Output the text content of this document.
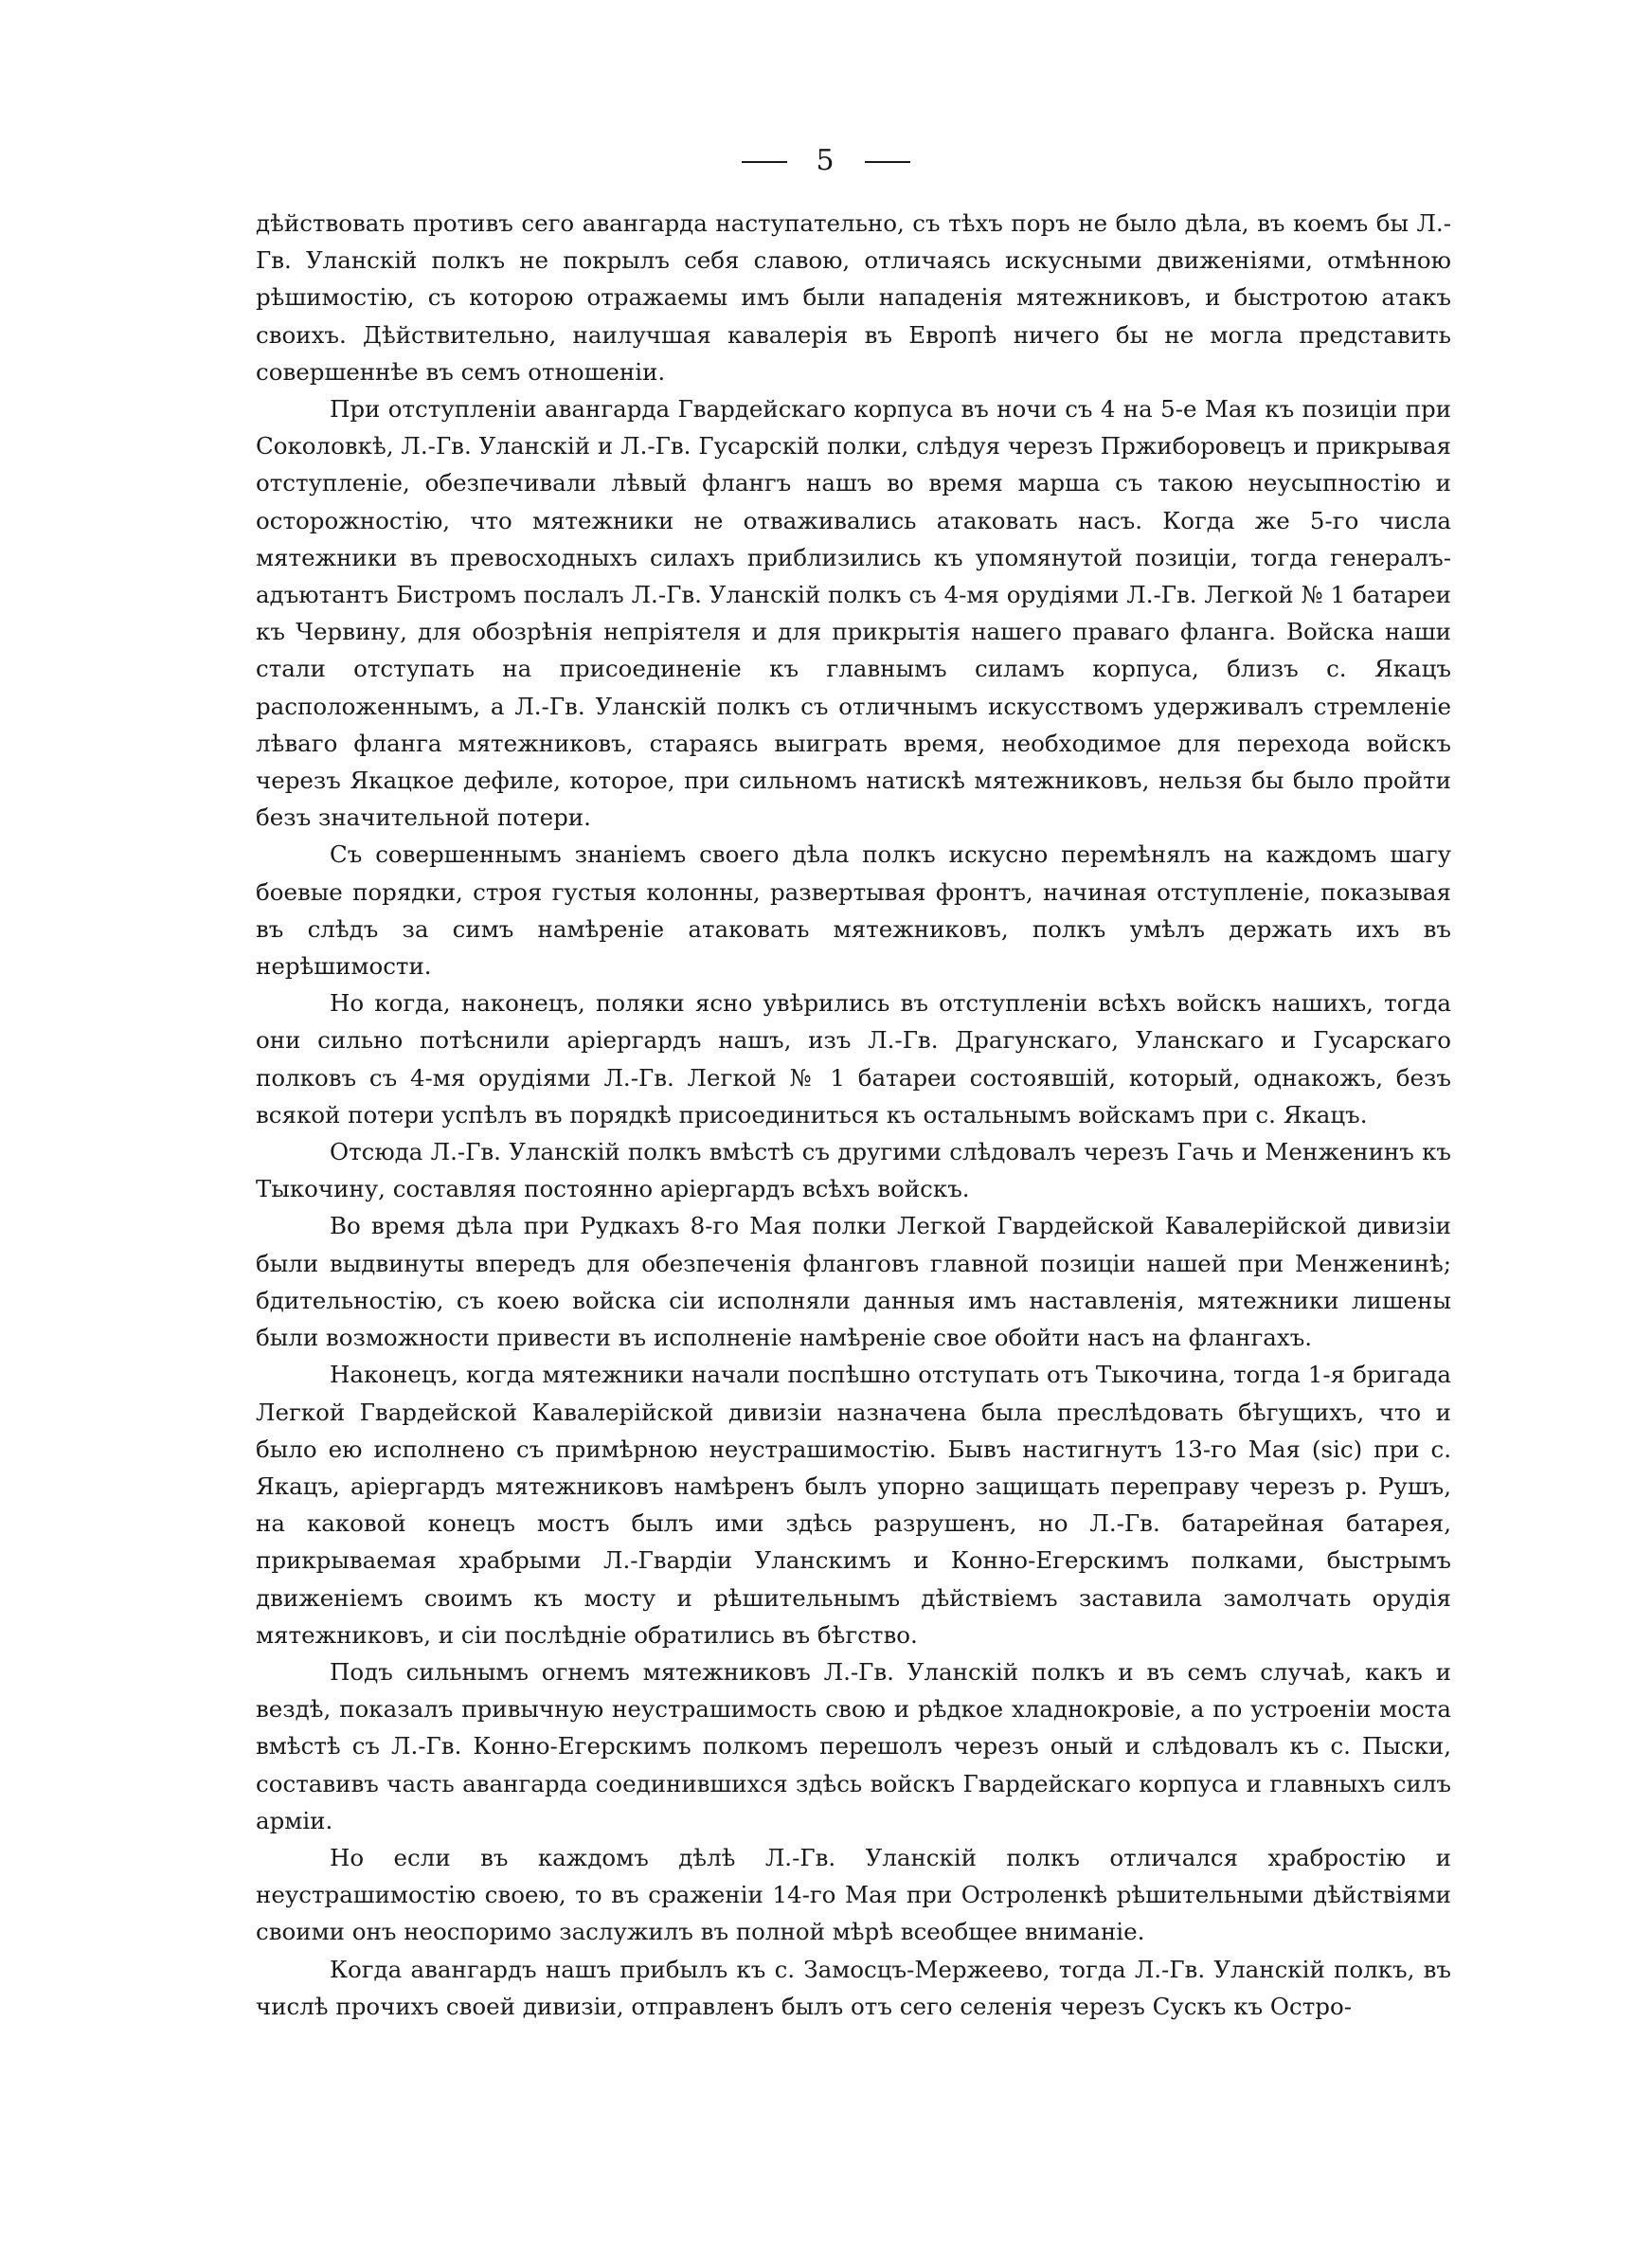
5

дѣйствовать противъ сего авангарда наступательно, съ тѣхъ поръ не было дѣла, въ коемъ бы Л.-Гв. Уланскій полкъ не покрылъ себя славою, отличаясь искусными движеніями, отмѣнною рѣшимостію, съ которою отражаемы имъ были нападенія мятежниковъ, и быстротою атакъ своихъ. Дѣйствительно, наилучшая кавалерія въ Европѣ ничего бы не могла представить совершеннѣе въ семъ отношеніи.

При отступленіи авангарда Гвардейскаго корпуса въ ночи съ 4 на 5-е Мая къ позиціи при Соколовкѣ, Л.-Гв. Уланскій и Л.-Гв. Гусарскій полки, слѣдуя черезъ Пржиборовецъ и прикрывая отступленіе, обезпечивали лѣвый флангъ нашъ во время марша съ такою неусыпностію и осторожностію, что мятежники не отваживались атаковать насъ. Когда же 5-го числа мятежники въ превосходныхъ силахъ приблизились къ упомянутой позиціи, тогда генералъ-адъютантъ Бистромъ послалъ Л.-Гв. Уланскій полкъ съ 4-мя орудіями Л.-Гв. Легкой № 1 батареи къ Червину, для обозрѣнія непріятеля и для прикрытія нашего праваго фланга. Войска наши стали отступать на присоединеніе къ главнымъ силамъ корпуса, близъ с. Якацъ расположеннымъ, а Л.-Гв. Уланскій полкъ съ отличнымъ искусствомъ удерживалъ стремленіе лѣваго фланга мятежниковъ, стараясь выиграть время, необходимое для перехода войскъ черезъ Якацкое дефиле, которое, при сильномъ натискѣ мятежниковъ, нельзя бы было пройти безъ значительной потери.

Съ совершеннымъ знаніемъ своего дѣла полкъ искусно перемѣнялъ на каждомъ шагу боевые порядки, строя густыя колонны, развертывая фронтъ, начиная отступленіе, показывая въ слѣдъ за симъ намѣреніе атаковать мятежниковъ, полкъ умѣлъ держать ихъ въ нерѣшимости.

Но когда, наконецъ, поляки ясно увѣрились въ отступленіи всѣхъ войскъ нашихъ, тогда они сильно потѣснили аріергардъ нашъ, изъ Л.-Гв. Драгунскаго, Уланскаго и Гусарскаго полковъ съ 4-мя орудіями Л.-Гв. Легкой № 1 батареи состоявшій, который, однакожъ, безъ всякой потери успѣлъ въ порядкѣ присоединиться къ остальнымъ войскамъ при с. Якацъ.

Отсюда Л.-Гв. Уланскій полкъ вмѣстѣ съ другими слѣдовалъ черезъ Гачь и Менженинъ къ Тыкочину, составляя постоянно аріергардъ всѣхъ войскъ.

Во время дѣла при Рудкахъ 8-го Мая полки Легкой Гвардейской Кавалерійской дивизіи были выдвинуты впередъ для обезпеченія фланговъ главной позиціи нашей при Менженинѣ; бдительностію, съ коею войска сіи исполняли данныя имъ наставленія, мятежники лишены были возможности привести въ исполненіе намѣреніе свое обойти насъ на флангахъ.

Наконецъ, когда мятежники начали поспѣшно отступать отъ Тыкочина, тогда 1-я бригада Легкой Гвардейской Кавалерійской дивизіи назначена была преслѣдовать бѣгущихъ, что и было ею исполнено съ примѣрною неустрашимостію. Бывъ настигнутъ 13-го Мая (sic) при с. Якацъ, аріергардъ мятежниковъ намѣренъ былъ упорно защищать переправу черезъ р. Рушъ, на каковой конецъ мостъ былъ ими здѣсь разрушенъ, но Л.-Гв. батарейная батарея, прикрываемая храбрыми Л.-Гвардіи Уланскимъ и Конно-Егерскимъ полками, быстрымъ движеніемъ своимъ къ мосту и рѣшительнымъ дѣйствіемъ заставила замолчать орудія мятежниковъ, и сіи послѣдніе обратились въ бѣгство.

Подъ сильнымъ огнемъ мятежниковъ Л.-Гв. Уланскій полкъ и въ семъ случаѣ, какъ и вездѣ, показалъ привычную неустрашимость свою и рѣдкое хладнокровіе, а по устроеніи моста вмѣстѣ съ Л.-Гв. Конно-Егерскимъ полкомъ перешолъ черезъ оный и слѣдовалъ къ с. Пыски, составивъ часть авангарда соединившихся здѣсь войскъ Гвардейскаго корпуса и главныхъ силъ арміи.

Но если въ каждомъ дѣлѣ Л.-Гв. Уланскій полкъ отличался храбростію и неустрашимостію своею, то въ сраженіи 14-го Мая при Остроленкѣ рѣшительными дѣйствіями своими онъ неоспоримо заслужилъ въ полной мѣрѣ всеобщее вниманіе.

Когда авангардъ нашъ прибылъ къ с. Замосцъ-Мержеево, тогда Л.-Гв. Уланскій полкъ, въ числѣ прочихъ своей дивизіи, отправленъ былъ отъ сего селенія черезъ Сускъ къ Остро-
